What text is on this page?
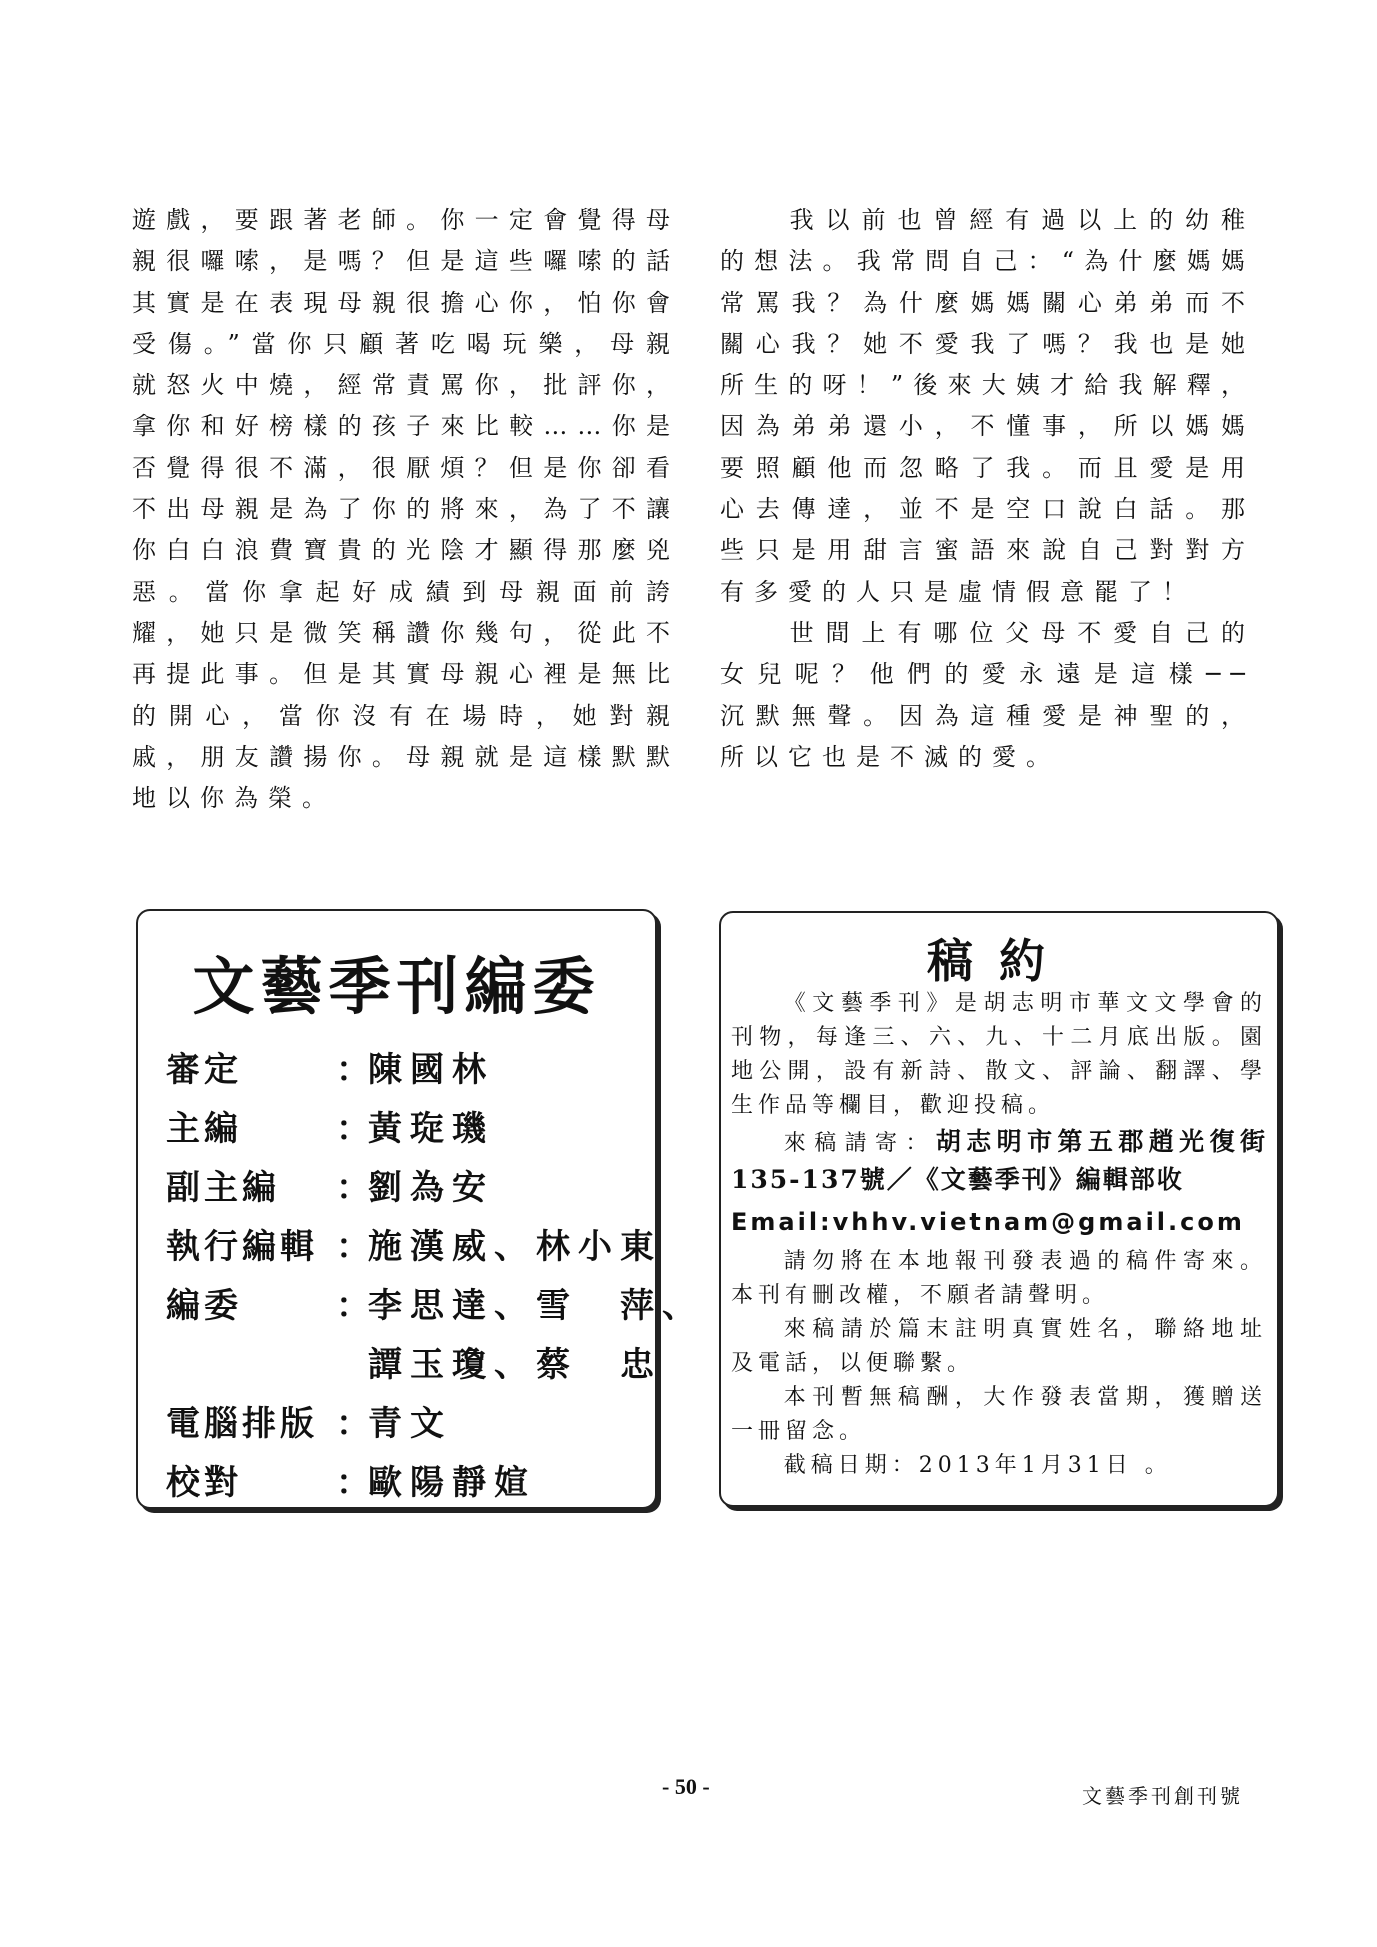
遊戲，要跟著老師。你一定會覺得母親很囉嗦，是嗎？但是這些囉嗦的話其實是在表現母親很擔心你，怕你會受傷。”當你只顧著吃喝玩樂，母親就怒火中燒，經常責罵你，批評你，拿你和好榜樣的孩子來比較……你是否覺得很不滿，很厭煩？但是你卻看不出母親是為了你的將來，為了不讓你白白浪費寶貴的光陰才顯得那麼兇惡。當你拿起好成績到母親面前誇耀，她只是微笑稱讚你幾句，從此不再提此事。但是其實母親心裡是無比的開心，當你沒有在場時，她對親戚，朋友讚揚你。母親就是這樣默默地以你為榮。

我以前也曾經有過以上的幼稚的想法。我常問自己：“為什麼媽媽常罵我？為什麼媽媽關心弟弟而不關心我？她不愛我了嗎？我也是她所生的呀！”後來大姨才給我解釋，因為弟弟還小，不懂事，所以媽媽要照顧他而忽略了我。而且愛是用心去傳達，並不是空口說白話。那些只是用甜言蜜語來說自己對對方有多愛的人只是虛情假意罷了！

世間上有哪位父母不愛自己的女兒呢？他們的愛永遠是這樣── 沉默無聲。因為這種愛是神聖的，所以它也是不滅的愛。

文藝季刊編委
審定	：
陳國林
主編	：
黃琁璣
副主編	：
劉為安
執行編輯 ：
施漢威、林小東
編委	：
李思達、雪　萍、
譚玉瓊、蔡　忠
電腦排版 ：
青文
校對	：
歐陽靜媗
稿約

《文藝季刊》是胡志明市華文文學會的刊物，每逢三、六、九、十二月底出版。園地公開，設有新詩、散文、評論、翻譯、學生作品等欄目，歡迎投稿。

來稿請寄：胡志明市第五郡趙光復街135-137號／《文藝季刊》編輯部收

Email:vhhv.vietnam@gmail.com

請勿將在本地報刊發表過的稿件寄來。本刊有刪改權，不願者請聲明。

來稿請於篇末註明真實姓名，聯絡地址及電話，以便聯繫。

本刊暫無稿酬，大作發表當期，獲贈送一冊留念。

截稿日期：2013年1月31日 。

- 50 -	文藝季刊創刊號
